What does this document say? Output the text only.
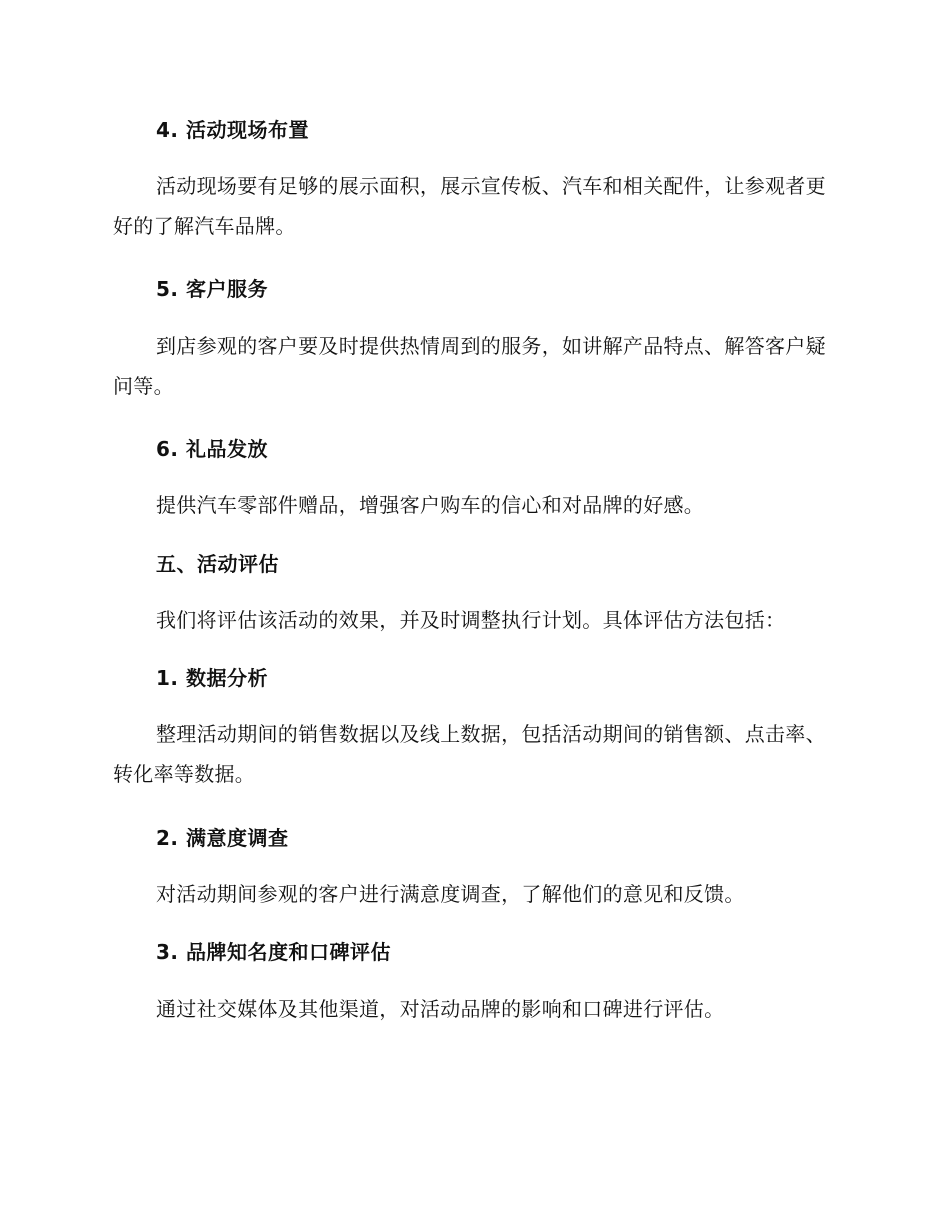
4. 活动现场布置
活动现场要有足够的展示面积，展示宣传板、汽车和相关配件，让参观者更好的了解汽车品牌。
5. 客户服务
到店参观的客户要及时提供热情周到的服务，如讲解产品特点、解答客户疑问等。
6. 礼品发放
提供汽车零部件赠品，增强客户购车的信心和对品牌的好感。
五、活动评估
我们将评估该活动的效果，并及时调整执行计划。具体评估方法包括：
1. 数据分析
整理活动期间的销售数据以及线上数据，包括活动期间的销售额、点击率、转化率等数据。
2. 满意度调查
对活动期间参观的客户进行满意度调查，了解他们的意见和反馈。
3. 品牌知名度和口碑评估
通过社交媒体及其他渠道，对活动品牌的影响和口碑进行评估。
